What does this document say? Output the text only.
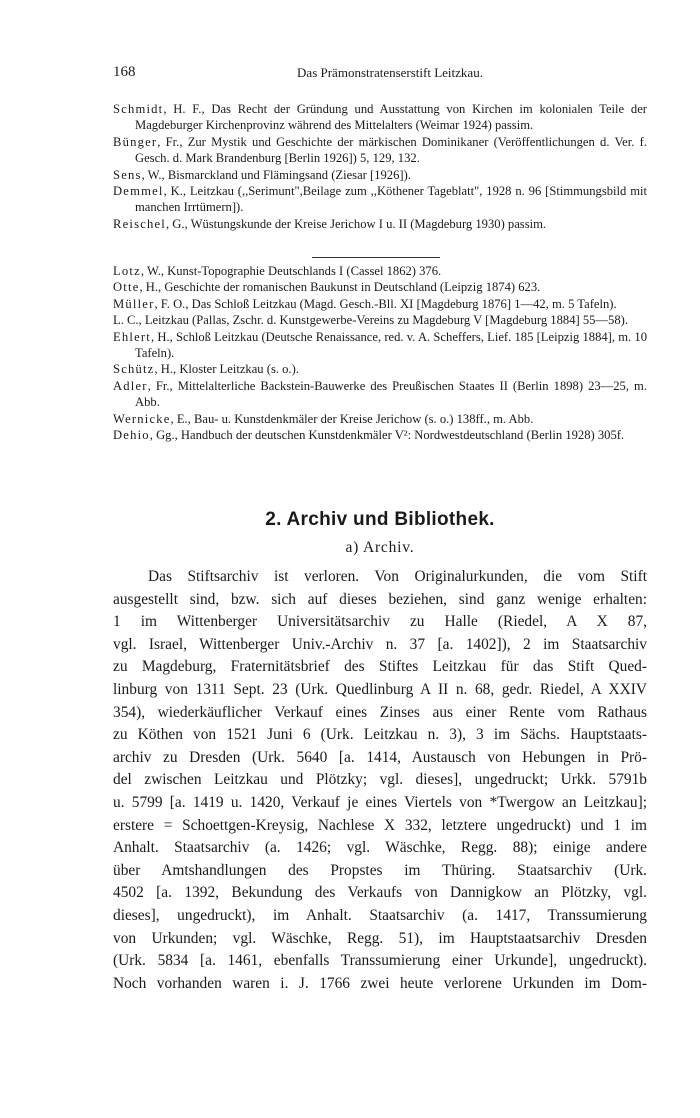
168	Das Prämonstratenserstift Leitzkau.

Schmidt, H. F., Das Recht der Gründung und Ausstattung von Kirchen im kolonialen Teile der Magdeburger Kirchenprovinz während des Mittelalters (Weimar 1924) passim.

Bünger, Fr., Zur Mystik und Geschichte der märkischen Dominikaner (Veröffentlichungen d. Ver. f. Gesch. d. Mark Brandenburg [Berlin 1926]) 5, 129, 132.

Sens, W., Bismarckland und Flämingsand (Ziesar [1926]).

Demmel, K., Leitzkau (,,Serimunt",Beilage zum ,,Köthener Tageblatt", 1928 n. 96 [Stimmungsbild mit manchen Irrtümern]).

Reischel, G., Wüstungskunde der Kreise Jerichow I u. II (Magdeburg 1930) passim.

Lotz, W., Kunst-Topographie Deutschlands I (Cassel 1862) 376.

Otte, H., Geschichte der romanischen Baukunst in Deutschland (Leipzig 1874) 623.

Müller, F. O., Das Schloß Leitzkau (Magd. Gesch.-Bll. XI [Magdeburg 1876] 1—42, m. 5 Tafeln).

L. C., Leitzkau (Pallas, Zschr. d. Kunstgewerbe-Vereins zu Magdeburg V [Magdeburg 1884] 55—58).

Ehlert, H., Schloß Leitzkau (Deutsche Renaissance, red. v. A. Scheffers, Lief. 185 [Leipzig 1884], m. 10 Tafeln).

Schütz, H., Kloster Leitzkau (s. o.).

Adler, Fr., Mittelalterliche Backstein-Bauwerke des Preußischen Staates II (Berlin 1898) 23—25, m. Abb.

Wernicke, E., Bau- u. Kunstdenkmäler der Kreise Jerichow (s. o.) 138ff., m. Abb.

Dehio, Gg., Handbuch der deutschen Kunstdenkmäler V²: Nordwestdeutschland (Berlin 1928) 305f.

2. Archiv und Bibliothek.
a) Archiv.
Das Stiftsarchiv ist verloren. Von Originalurkunden, die vom Stift
ausgestellt sind, bzw. sich auf dieses beziehen, sind ganz wenige erhalten:
1 im Wittenberger Universitätsarchiv zu Halle (Riedel, A X 87,
vgl. Israel, Wittenberger Univ.-Archiv n. 37 [a. 1402]), 2 im Staatsarchiv
zu Magdeburg, Fraternitätsbrief des Stiftes Leitzkau für das Stift Qued-
linburg von 1311 Sept. 23 (Urk. Quedlinburg A II n. 68, gedr. Riedel, A XXIV
354), wiederkäuflicher Verkauf eines Zinses aus einer Rente vom Rathaus
zu Köthen von 1521 Juni 6 (Urk. Leitzkau n. 3), 3 im Sächs. Hauptstaats-
archiv zu Dresden (Urk. 5640 [a. 1414, Austausch von Hebungen in Prö-
del zwischen Leitzkau und Plötzky; vgl. dieses], ungedruckt; Urkk. 5791b
u. 5799 [a. 1419 u. 1420, Verkauf je eines Viertels von *Twergow an Leitzkau];
erstere = Schoettgen-Kreysig, Nachlese X 332, letztere ungedruckt) und 1 im
Anhalt. Staatsarchiv (a. 1426; vgl. Wäschke, Regg. 88); einige andere
über Amtshandlungen des Propstes im Thüring. Staatsarchiv (Urk.
4502 [a. 1392, Bekundung des Verkaufs von Dannigkow an Plötzky, vgl.
dieses], ungedruckt), im Anhalt. Staatsarchiv (a. 1417, Transsumierung
von Urkunden; vgl. Wäschke, Regg. 51), im Hauptstaatsarchiv Dresden
(Urk. 5834 [a. 1461, ebenfalls Transsumierung einer Urkunde], ungedruckt).
Noch vorhanden waren i. J. 1766 zwei heute verlorene Urkunden im Dom-
